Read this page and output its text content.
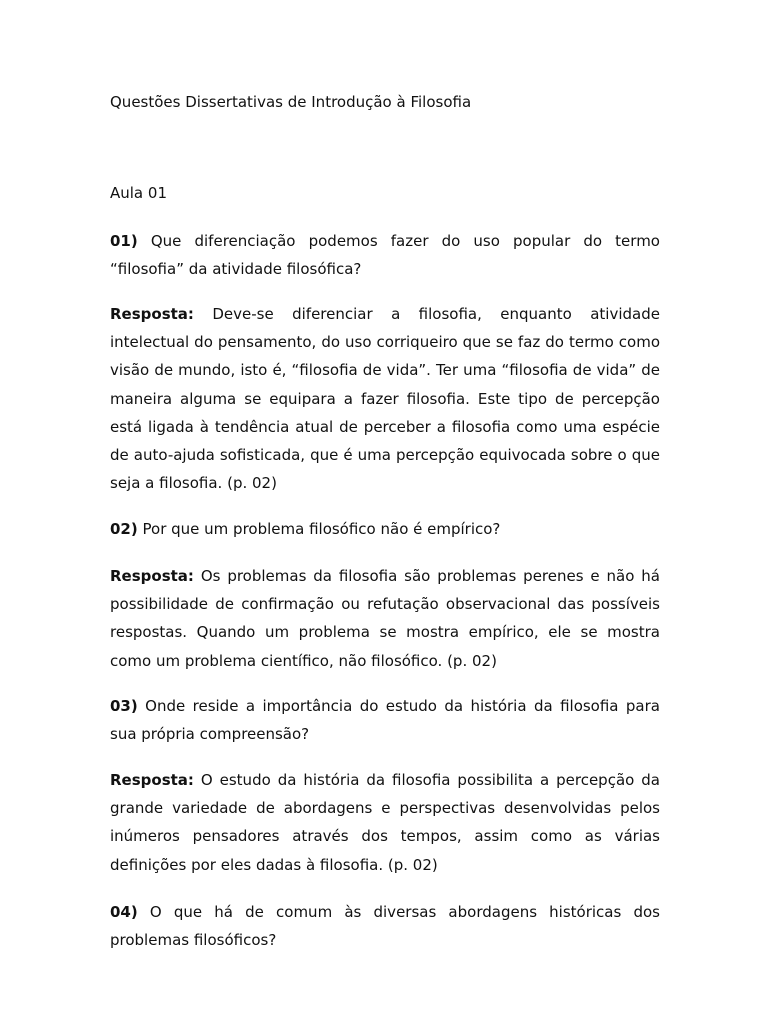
Questões Dissertativas de Introdução à Filosofia
Aula 01

01) Que diferenciação podemos fazer do uso popular do termo “filosofia” da atividade filosófica?

Resposta: Deve-se diferenciar a filosofia, enquanto atividade intelectual do pensamento, do uso corriqueiro que se faz do termo como visão de mundo, isto é, “filosofia de vida”. Ter uma “filosofia de vida” de maneira alguma se equipara a fazer filosofia. Este tipo de percepção está ligada à tendência atual de perceber a filosofia como uma espécie de auto-ajuda sofisticada, que é uma percepção equivocada sobre o que seja a filosofia. (p. 02)

02) Por que um problema filosófico não é empírico?

Resposta: Os problemas da filosofia são problemas perenes e não há possibilidade de confirmação ou refutação observacional das possíveis respostas. Quando um problema se mostra empírico, ele se mostra como um problema científico, não filosófico. (p. 02)

03) Onde reside a importância do estudo da história da filosofia para sua própria compreensão?

Resposta: O estudo da história da filosofia possibilita a percepção da grande variedade de abordagens e perspectivas desenvolvidas pelos inúmeros pensadores através dos tempos, assim como as várias definições por eles dadas à filosofia. (p. 02)

04) O que há de comum às diversas abordagens históricas dos problemas filosóficos?
